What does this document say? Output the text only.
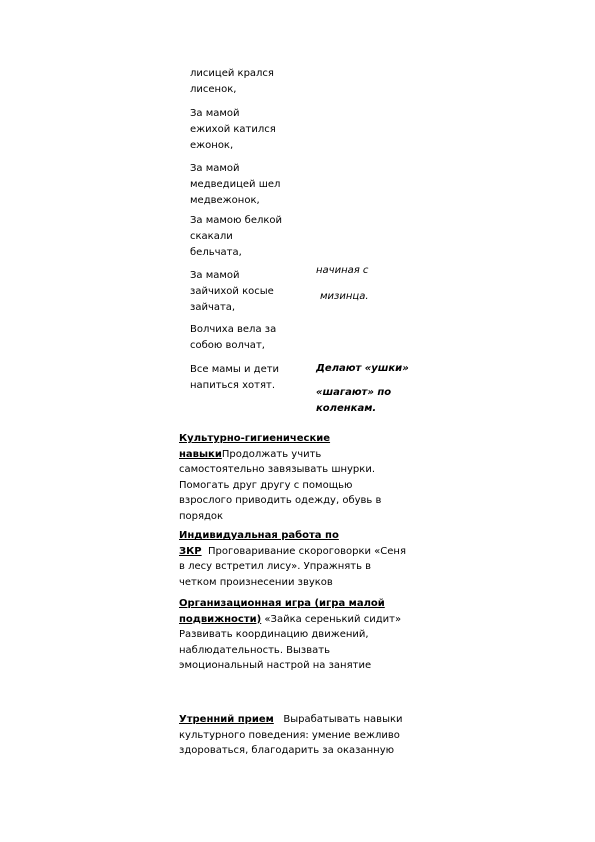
лисицей крался
лисенок,
За мамой
ежихой катился
ежонок,
За мамой
медведицей шел
медвежонок,
За мамою белкой
скакали
бельчата,
За мамой
зайчихой косые
зайчата,
Волчиха вела за
собою волчат,
Все мамы и дети
напиться хотят.
начиная с
мизинца.
Делают «ушки»
«шагают» по
коленкам.
Культурно-гигиенические
навыкиПродолжать учить
самостоятельно завязывать шнурки.
Помогать друг другу с помощью
взрослого приводить одежду, обувь в
порядок
Индивидуальная работа по
ЗКР Проговаривание скороговорки «Сеня
в лесу встретил лису». Упражнять в
четком произнесении звуков
Организационная игра (игра малой
подвижности) «Зайка серенький сидит»
Развивать координацию движений,
наблюдательность. Вызвать
эмоциональный настрой на занятие
Утренний прием Вырабатывать навыки
культурного поведения: умение вежливо
здороваться, благодарить за оказанную
